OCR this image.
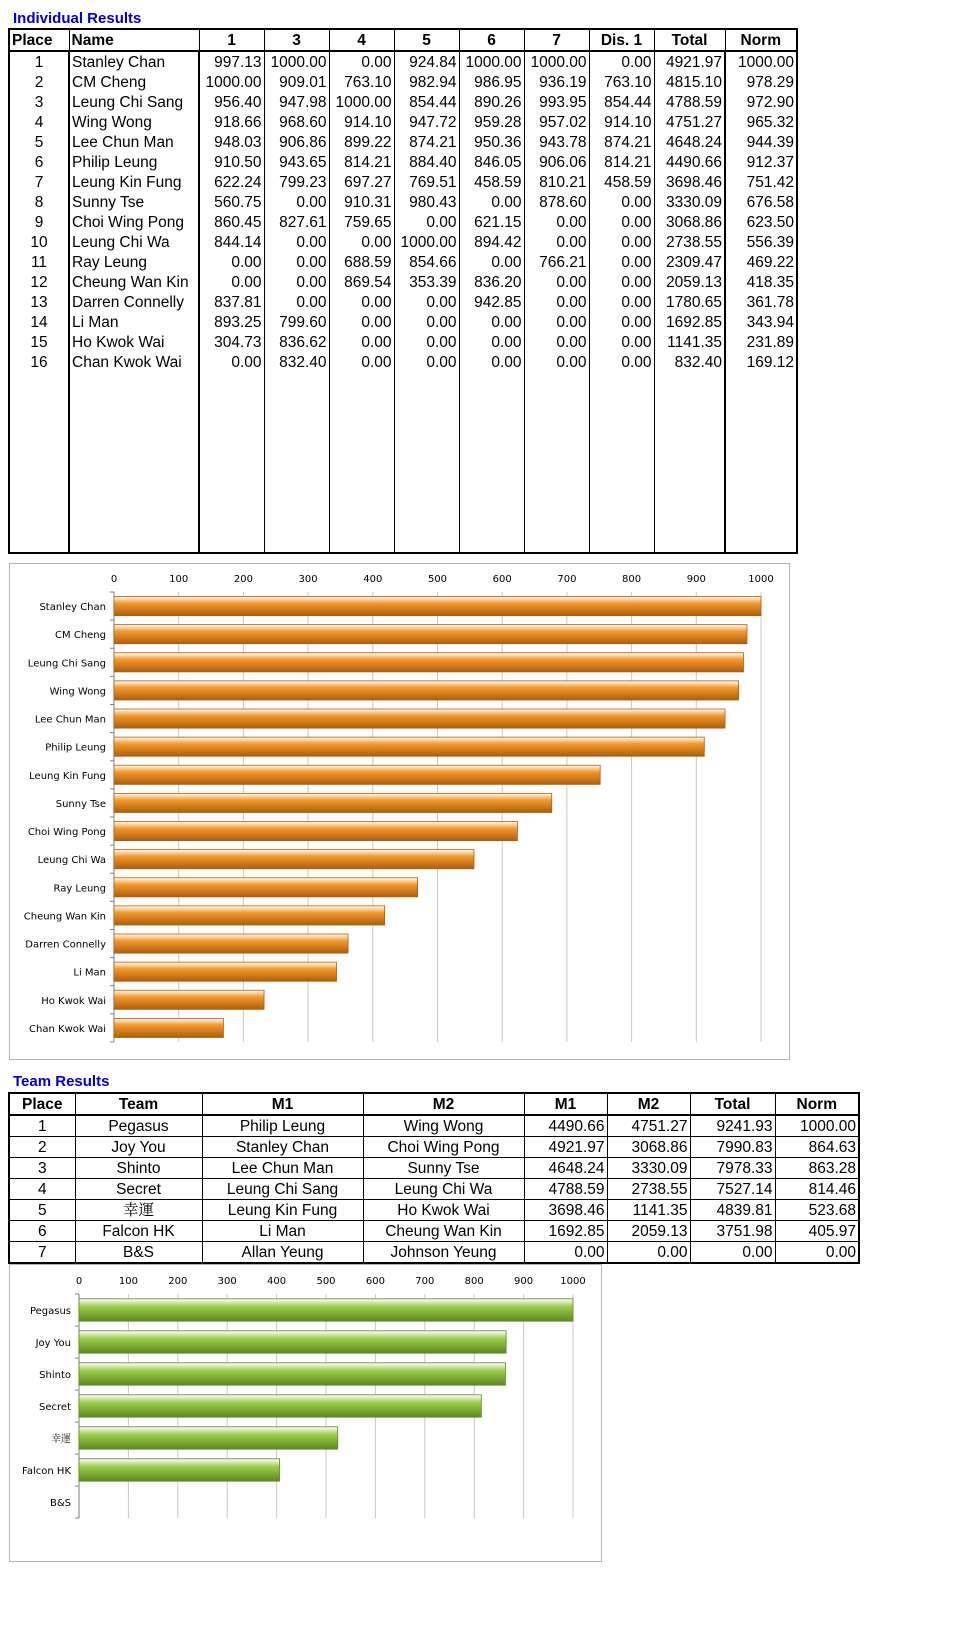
Individual Results
Place	Name	1	3	4	5	6	7	Dis. 1	Total	Norm
1	Stanley Chan	997.13	1000.00	0.00	924.84	1000.00	1000.00	0.00	4921.97	1000.00
2	CM Cheng	1000.00	909.01	763.10	982.94	986.95	936.19	763.10	4815.10	978.29
3	Leung Chi Sang	956.40	947.98	1000.00	854.44	890.26	993.95	854.44	4788.59	972.90
4	Wing Wong	918.66	968.60	914.10	947.72	959.28	957.02	914.10	4751.27	965.32
5	Lee Chun Man	948.03	906.86	899.22	874.21	950.36	943.78	874.21	4648.24	944.39
6	Philip Leung	910.50	943.65	814.21	884.40	846.05	906.06	814.21	4490.66	912.37
7	Leung Kin Fung	622.24	799.23	697.27	769.51	458.59	810.21	458.59	3698.46	751.42
8	Sunny Tse	560.75	0.00	910.31	980.43	0.00	878.60	0.00	3330.09	676.58
9	Choi Wing Pong	860.45	827.61	759.65	0.00	621.15	0.00	0.00	3068.86	623.50
10	Leung Chi Wa	844.14	0.00	0.00	1000.00	894.42	0.00	0.00	2738.55	556.39
11	Ray Leung	0.00	0.00	688.59	854.66	0.00	766.21	0.00	2309.47	469.22
12	Cheung Wan Kin	0.00	0.00	869.54	353.39	836.20	0.00	0.00	2059.13	418.35
13	Darren Connelly	837.81	0.00	0.00	0.00	942.85	0.00	0.00	1780.65	361.78
14	Li Man	893.25	799.60	0.00	0.00	0.00	0.00	0.00	1692.85	343.94
15	Ho Kwok Wai	304.73	836.62	0.00	0.00	0.00	0.00	0.00	1141.35	231.89
16	Chan Kwok Wai	0.00	832.40	0.00	0.00	0.00	0.00	0.00	832.40	169.12

0	100	200	300	400	500	600	700	800	900	1000
Stanley Chan
CM Cheng
Leung Chi Sang
Wing Wong
Lee Chun Man
Philip Leung
Leung Kin Fung
Sunny Tse
Choi Wing Pong
Leung Chi Wa
Ray Leung
Cheung Wan Kin
Darren Connelly
Li Man
Ho Kwok Wai
Chan Kwok Wai
Team Results
Place	Team	M1	M2	M1	M2	Total	Norm
1	Pegasus	Philip Leung	Wing Wong	4490.66	4751.27	9241.93	1000.00
2	Joy You	Stanley Chan	Choi Wing Pong	4921.97	3068.86	7990.83	864.63
3	Shinto	Lee Chun Man	Sunny Tse	4648.24	3330.09	7978.33	863.28
4	Secret	Leung Chi Sang	Leung Chi Wa	4788.59	2738.55	7527.14	814.46
5	幸運	Leung Kin Fung	Ho Kwok Wai	3698.46	1141.35	4839.81	523.68
6	Falcon HK	Li Man	Cheung Wan Kin	1692.85	2059.13	3751.98	405.97
7	B&S	Allan Yeung	Johnson Yeung	0.00	0.00	0.00	0.00
0	100	200	300	400	500	600	700	800	900	1000
Pegasus
Joy You
Shinto
Secret
幸運
Falcon HK
B&S
